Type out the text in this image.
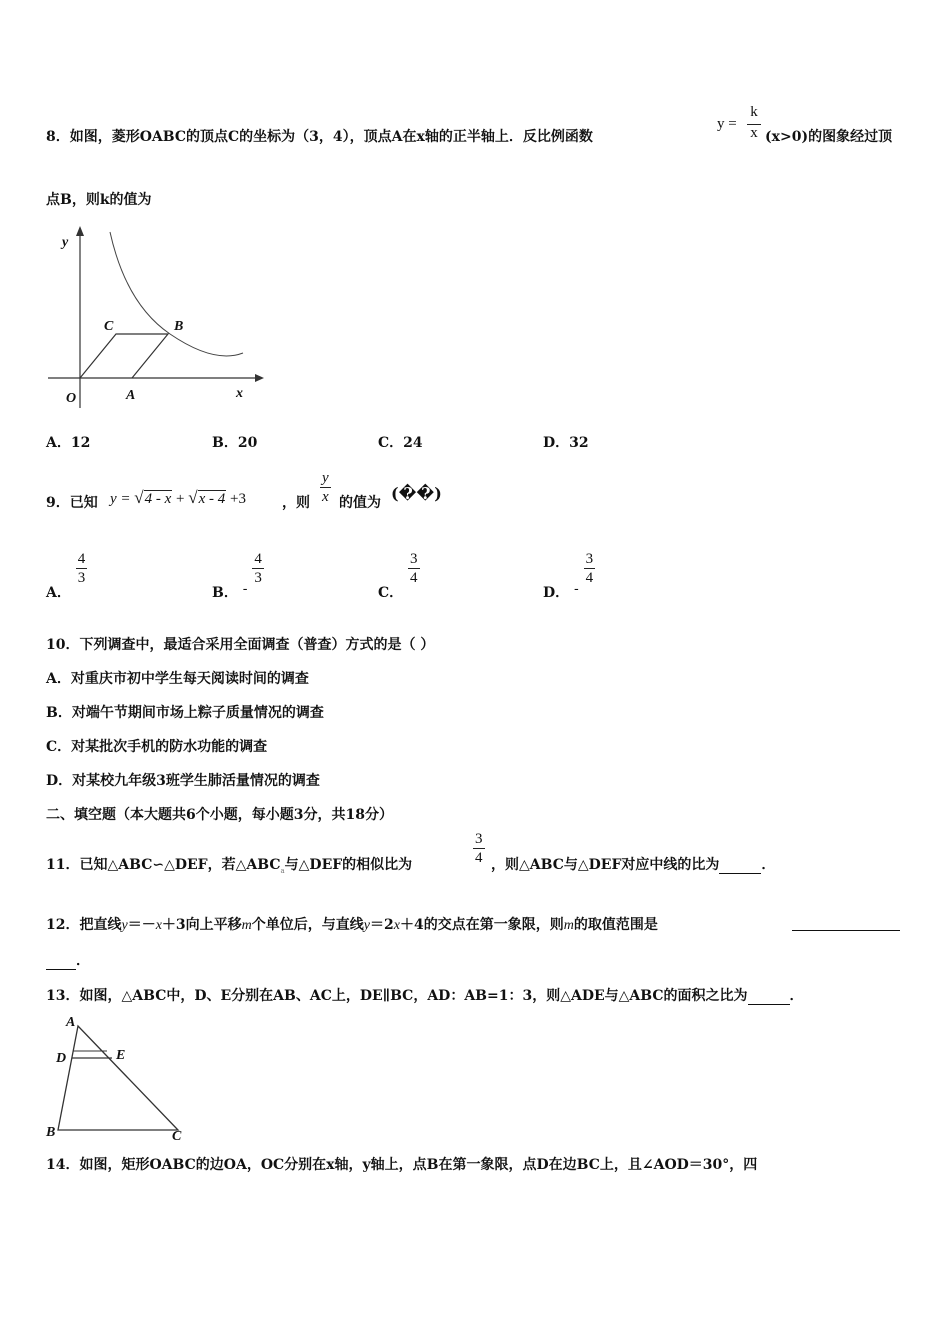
8．如图，菱形OABC的顶点C的坐标为（3，4），顶点A在x轴的正半轴上．反比例函数
y =
k
x (x>0)的图象经过顶
点B，则k的值为
O	A
B
C
y
x
A．12	B．20	C．24	D．32
9．已知 y = √4 - x + √x - 4 +3	，则 $\frac{y}{x}$ 的值为 (��)
A．
$\frac{4}{3}$
B． -
$\frac{4}{3}$
C．
$\frac{3}{4}$
D． -
$\frac{3}{4}$
10．下列调查中，最适合采用全面调查（普查）方式的是（ ）
A．对重庆市初中学生每天阅读时间的调查
B．对端午节期间市场上粽子质量情况的调查
C．对某批次手机的防水功能的调查
D．对某校九年级3班学生肺活量情况的调查
二、填空题（本大题共6个小题，每小题3分，共18分）
11．已知△ABC∽△DEF，若$\triangle ABC_a$与△DEF的相似比为	$\frac{3}{4}$ ，则△ABC与△DEF对应中线的比为	．
12．把直线y＝－x＋3向上平移m个单位后，与直线y＝2x＋4的交点在第一象限，则m的取值范围是
．
13．如图，△ABC中，D、E分别在AB、AC上，DE∥BC，AD：AB=1：3，则△ADE与△ABC的面积之比为	．
A
D	E
B	C
14．如图，矩形OABC的边OA，OC分别在x轴，y轴上，点B在第一象限，点D在边BC上，且∠AOD＝30°，四
